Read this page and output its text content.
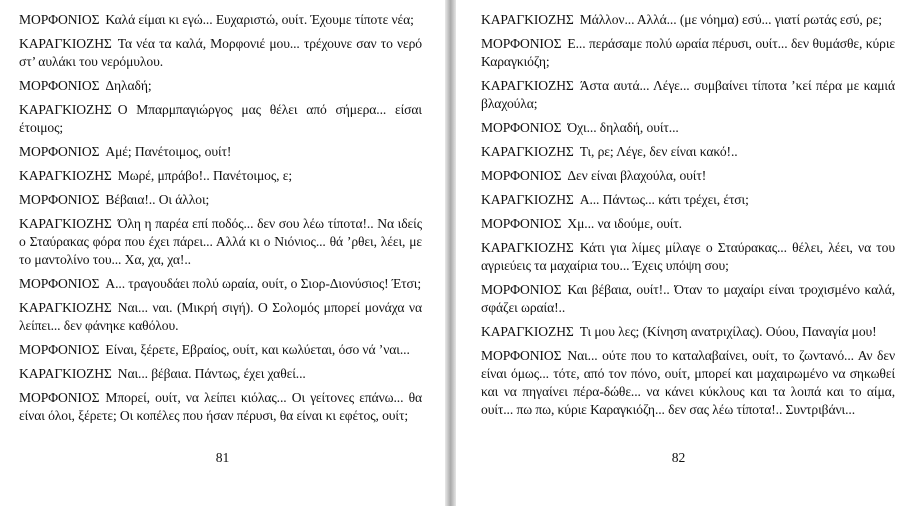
ΜΟΡΦΟΝΙΟΣ Καλά είμαι κι εγώ... Ευχαριστώ, ουίτ. Έχουμε τίποτε νέα;

ΚΑΡΑΓΚΙΟΖΗΣ Τα νέα τα καλά, Μορφονιέ μου... τρέχουνε σαν το νερό στ’ αυλάκι του νερόμυλου.

ΜΟΡΦΟΝΙΟΣ Δηλαδή;

ΚΑΡΑΓΚΙΟΖΗΣ Ο Μπαρμπαγιώργος μας θέλει από σήμερα... είσαι έτοιμος;

ΜΟΡΦΟΝΙΟΣ Αμέ; Πανέτοιμος, ουίτ!

ΚΑΡΑΓΚΙΟΖΗΣ Μωρέ, μπράβο!.. Πανέτοιμος, ε;

ΜΟΡΦΟΝΙΟΣ Βέβαια!.. Οι άλλοι;

ΚΑΡΑΓΚΙΟΖΗΣ Όλη η παρέα επί ποδός... δεν σου λέω τίποτα!.. Να ιδείς ο Σταύρακας φόρα που έχει πάρει... Αλλά κι ο Νιόνιος... θά ’ρθει, λέει, με το μαντολίνο του... Χα, χα, χα!..

ΜΟΡΦΟΝΙΟΣ Α... τραγουδάει πολύ ωραία, ουίτ, ο Σιορ-Διονύσιος! Έτσι;

ΚΑΡΑΓΚΙΟΖΗΣ Ναι... ναι. (Μικρή σιγή). Ο Σολομός μπορεί μονάχα να λείπει... δεν φάνηκε καθόλου.

ΜΟΡΦΟΝΙΟΣ Είναι, ξέρετε, Εβραίος, ουίτ, και κωλύεται, όσο νά ’ναι...

ΚΑΡΑΓΚΙΟΖΗΣ Ναι... βέβαια. Πάντως, έχει χαθεί...

ΜΟΡΦΟΝΙΟΣ Μπορεί, ουίτ, να λείπει κιόλας... Οι γείτονες επάνω... θα είναι όλοι, ξέρετε; Οι κοπέλες που ήσαν πέρυσι, θα είναι κι εφέτος, ουίτ;

81

ΚΑΡΑΓΚΙΟΖΗΣ Μάλλον... Αλλά... (με νόημα) εσύ... γιατί ρωτάς εσύ, ρε;

ΜΟΡΦΟΝΙΟΣ Ε... περάσαμε πολύ ωραία πέρυσι, ουίτ... δεν θυμάσθε, κύριε Καραγκιόζη;

ΚΑΡΑΓΚΙΟΖΗΣ Άστα αυτά... Λέγε... συμβαίνει τίποτα ’κεί πέρα με καμιά βλαχούλα;

ΜΟΡΦΟΝΙΟΣ Όχι... δηλαδή, ουίτ...

ΚΑΡΑΓΚΙΟΖΗΣ Τι, ρε; Λέγε, δεν είναι κακό!..

ΜΟΡΦΟΝΙΟΣ Δεν είναι βλαχούλα, ουίτ!

ΚΑΡΑΓΚΙΟΖΗΣ Α... Πάντως... κάτι τρέχει, έτσι;

ΜΟΡΦΟΝΙΟΣ Χμ... να ιδούμε, ουίτ.

ΚΑΡΑΓΚΙΟΖΗΣ Κάτι για λίμες μίλαγε ο Σταύρακας... θέλει, λέει, να του αγριεύεις τα μαχαίρια του... Έχεις υπόψη σου;

ΜΟΡΦΟΝΙΟΣ Και βέβαια, ουίτ!.. Όταν το μαχαίρι είναι τροχισμένο καλά, σφάζει ωραία!..

ΚΑΡΑΓΚΙΟΖΗΣ Τι μου λες; (Κίνηση ανατριχίλας). Ούου, Παναγία μου!

ΜΟΡΦΟΝΙΟΣ Ναι... ούτε που το καταλαβαίνει, ουίτ, το ζωντανό... Αν δεν είναι όμως... τότε, από τον πόνο, ουίτ, μπορεί και μαχαιρωμένο να σηκωθεί και να πηγαίνει πέρα-δώθε... να κάνει κύκλους και τα λοιπά και το αίμα, ουίτ... πω πω, κύριε Καραγκιόζη... δεν σας λέω τίποτα!.. Συντριβάνι...

82
